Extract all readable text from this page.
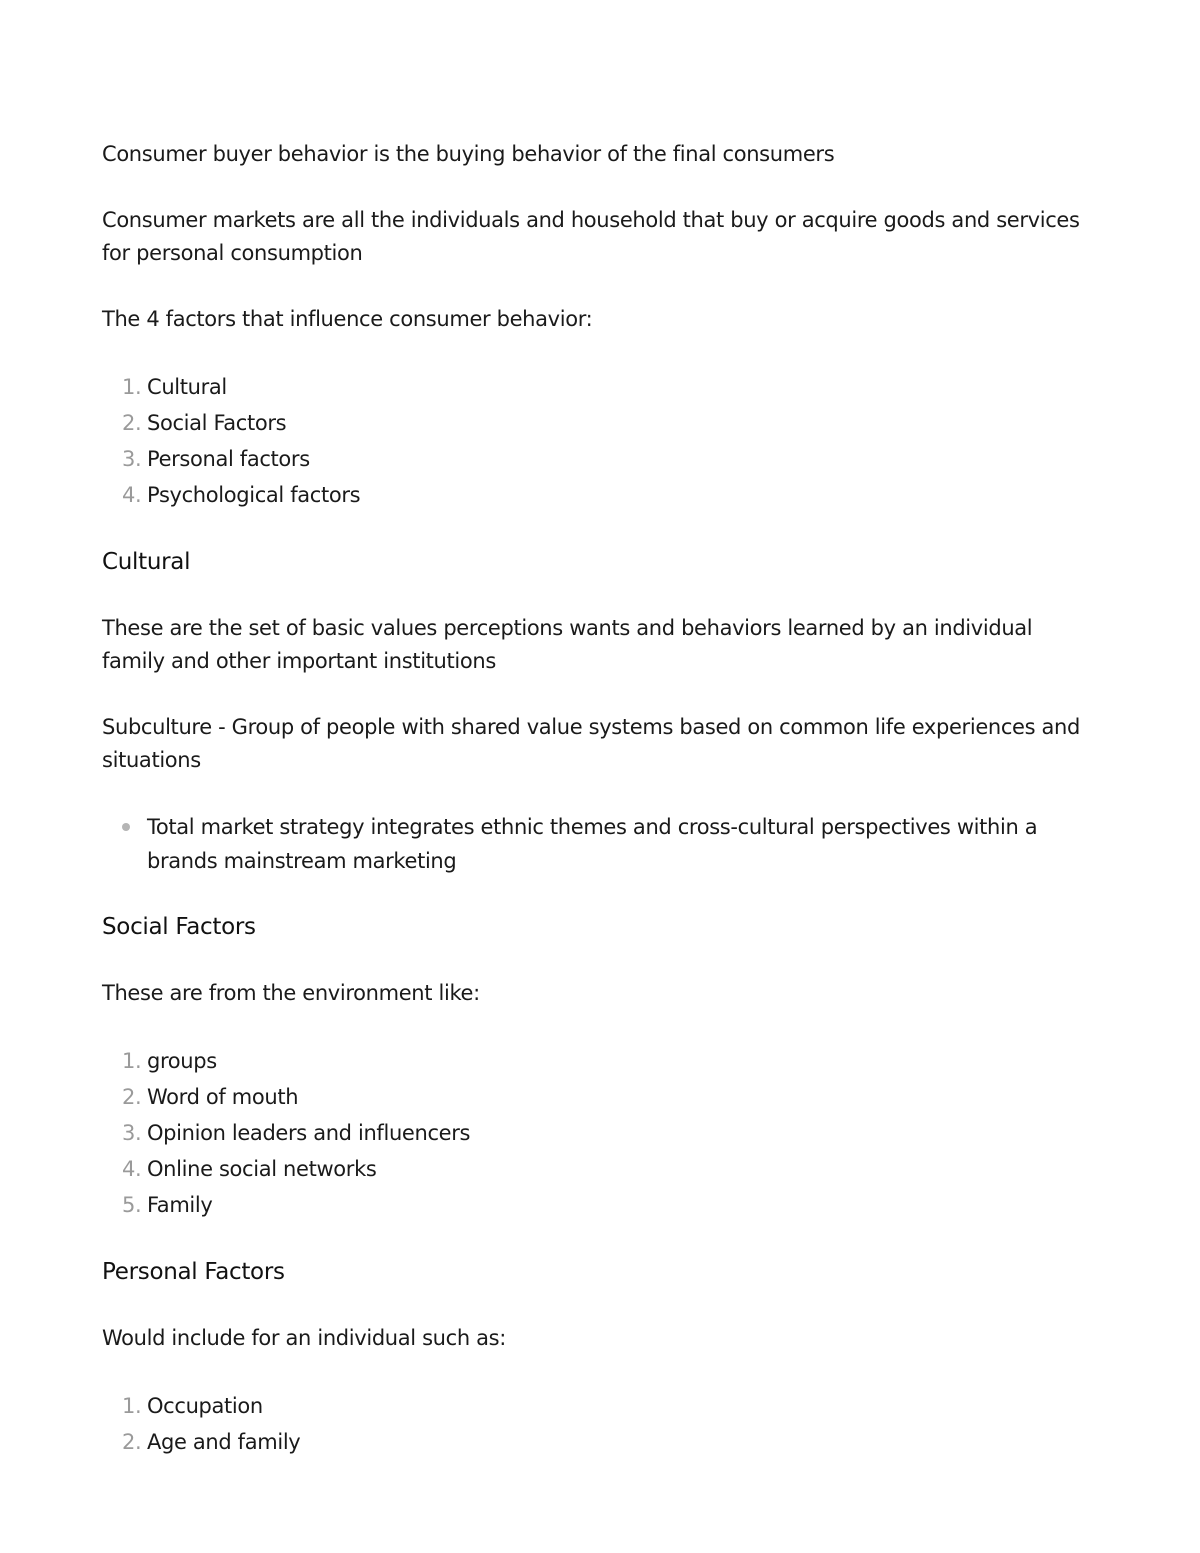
Consumer buyer behavior is the buying behavior of the final consumers

Consumer markets are all the individuals and household that buy or acquire goods and services for personal consumption

The 4 factors that influence consumer behavior:

1. Cultural
2. Social Factors
3. Personal factors
4. Psychological factors
Cultural

These are the set of basic values perceptions wants and behaviors learned by an individual family and other important institutions

Subculture - Group of people with shared value systems based on common life experiences and situations

Total market strategy integrates ethnic themes and cross-cultural perspectives within a brands mainstream marketing
Social Factors

These are from the environment like:

1. groups
2. Word of mouth
3. Opinion leaders and influencers
4. Online social networks
5. Family
Personal Factors

Would include for an individual such as:

1. Occupation
2. Age and family
